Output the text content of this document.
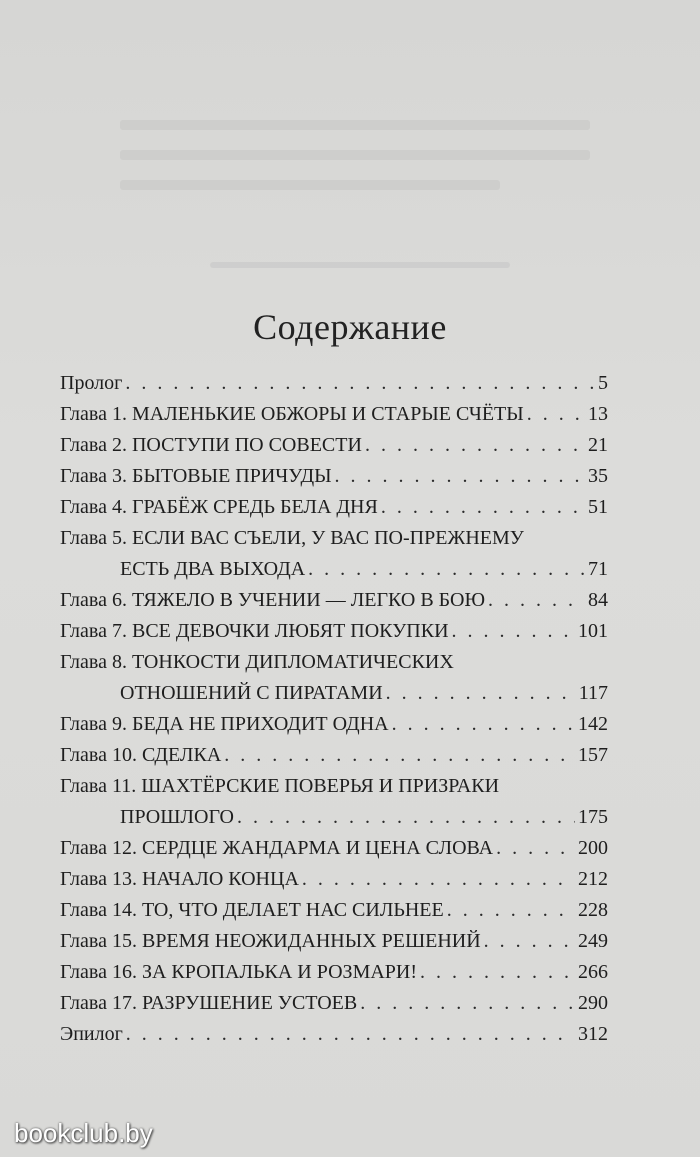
Содержание
Пролог . . .	5
Глава 1. МАЛЕНЬКИЕ ОБЖОРЫ И СТАРЫЕ СЧЁТЫ . . .	13
Глава 2. ПОСТУПИ ПО СОВЕСТИ . . .	21
Глава 3. БЫТОВЫЕ ПРИЧУДЫ . . .	35
Глава 4. ГРАБЁЖ СРЕДЬ БЕЛА ДНЯ . . .	51
Глава 5. ЕСЛИ ВАС СЪЕЛИ, У ВАС ПО-ПРЕЖНЕМУ
ЕСТЬ ДВА ВЫХОДА . . .	71
Глава 6. ТЯЖЕЛО В УЧЕНИИ — ЛЕГКО В БОЮ . . .	84
Глава 7. ВСЕ ДЕВОЧКИ ЛЮБЯТ ПОКУПКИ . . .	101
Глава 8. ТОНКОСТИ ДИПЛОМАТИЧЕСКИХ
ОТНОШЕНИЙ С ПИРАТАМИ . . .	117
Глава 9. БЕДА НЕ ПРИХОДИТ ОДНА . . .	142
Глава 10. СДЕЛКА . . .	157
Глава 11. ШАХТЁРСКИЕ ПОВЕРЬЯ И ПРИЗРАКИ
ПРОШЛОГО . . .	175
Глава 12. СЕРДЦЕ ЖАНДАРМА И ЦЕНА СЛОВА . . .	200
Глава 13. НАЧАЛО КОНЦА . . .	212
Глава 14. ТО, ЧТО ДЕЛАЕТ НАС СИЛЬНЕЕ . . .	228
Глава 15. ВРЕМЯ НЕОЖИДАННЫХ РЕШЕНИЙ . . .	249
Глава 16. ЗА КРОПАЛЬКА И РОЗМАРИ! . . .	266
Глава 17. РАЗРУШЕНИЕ УСТОЕВ . . .	290
Эпилог . . .	312
bookclub.by
